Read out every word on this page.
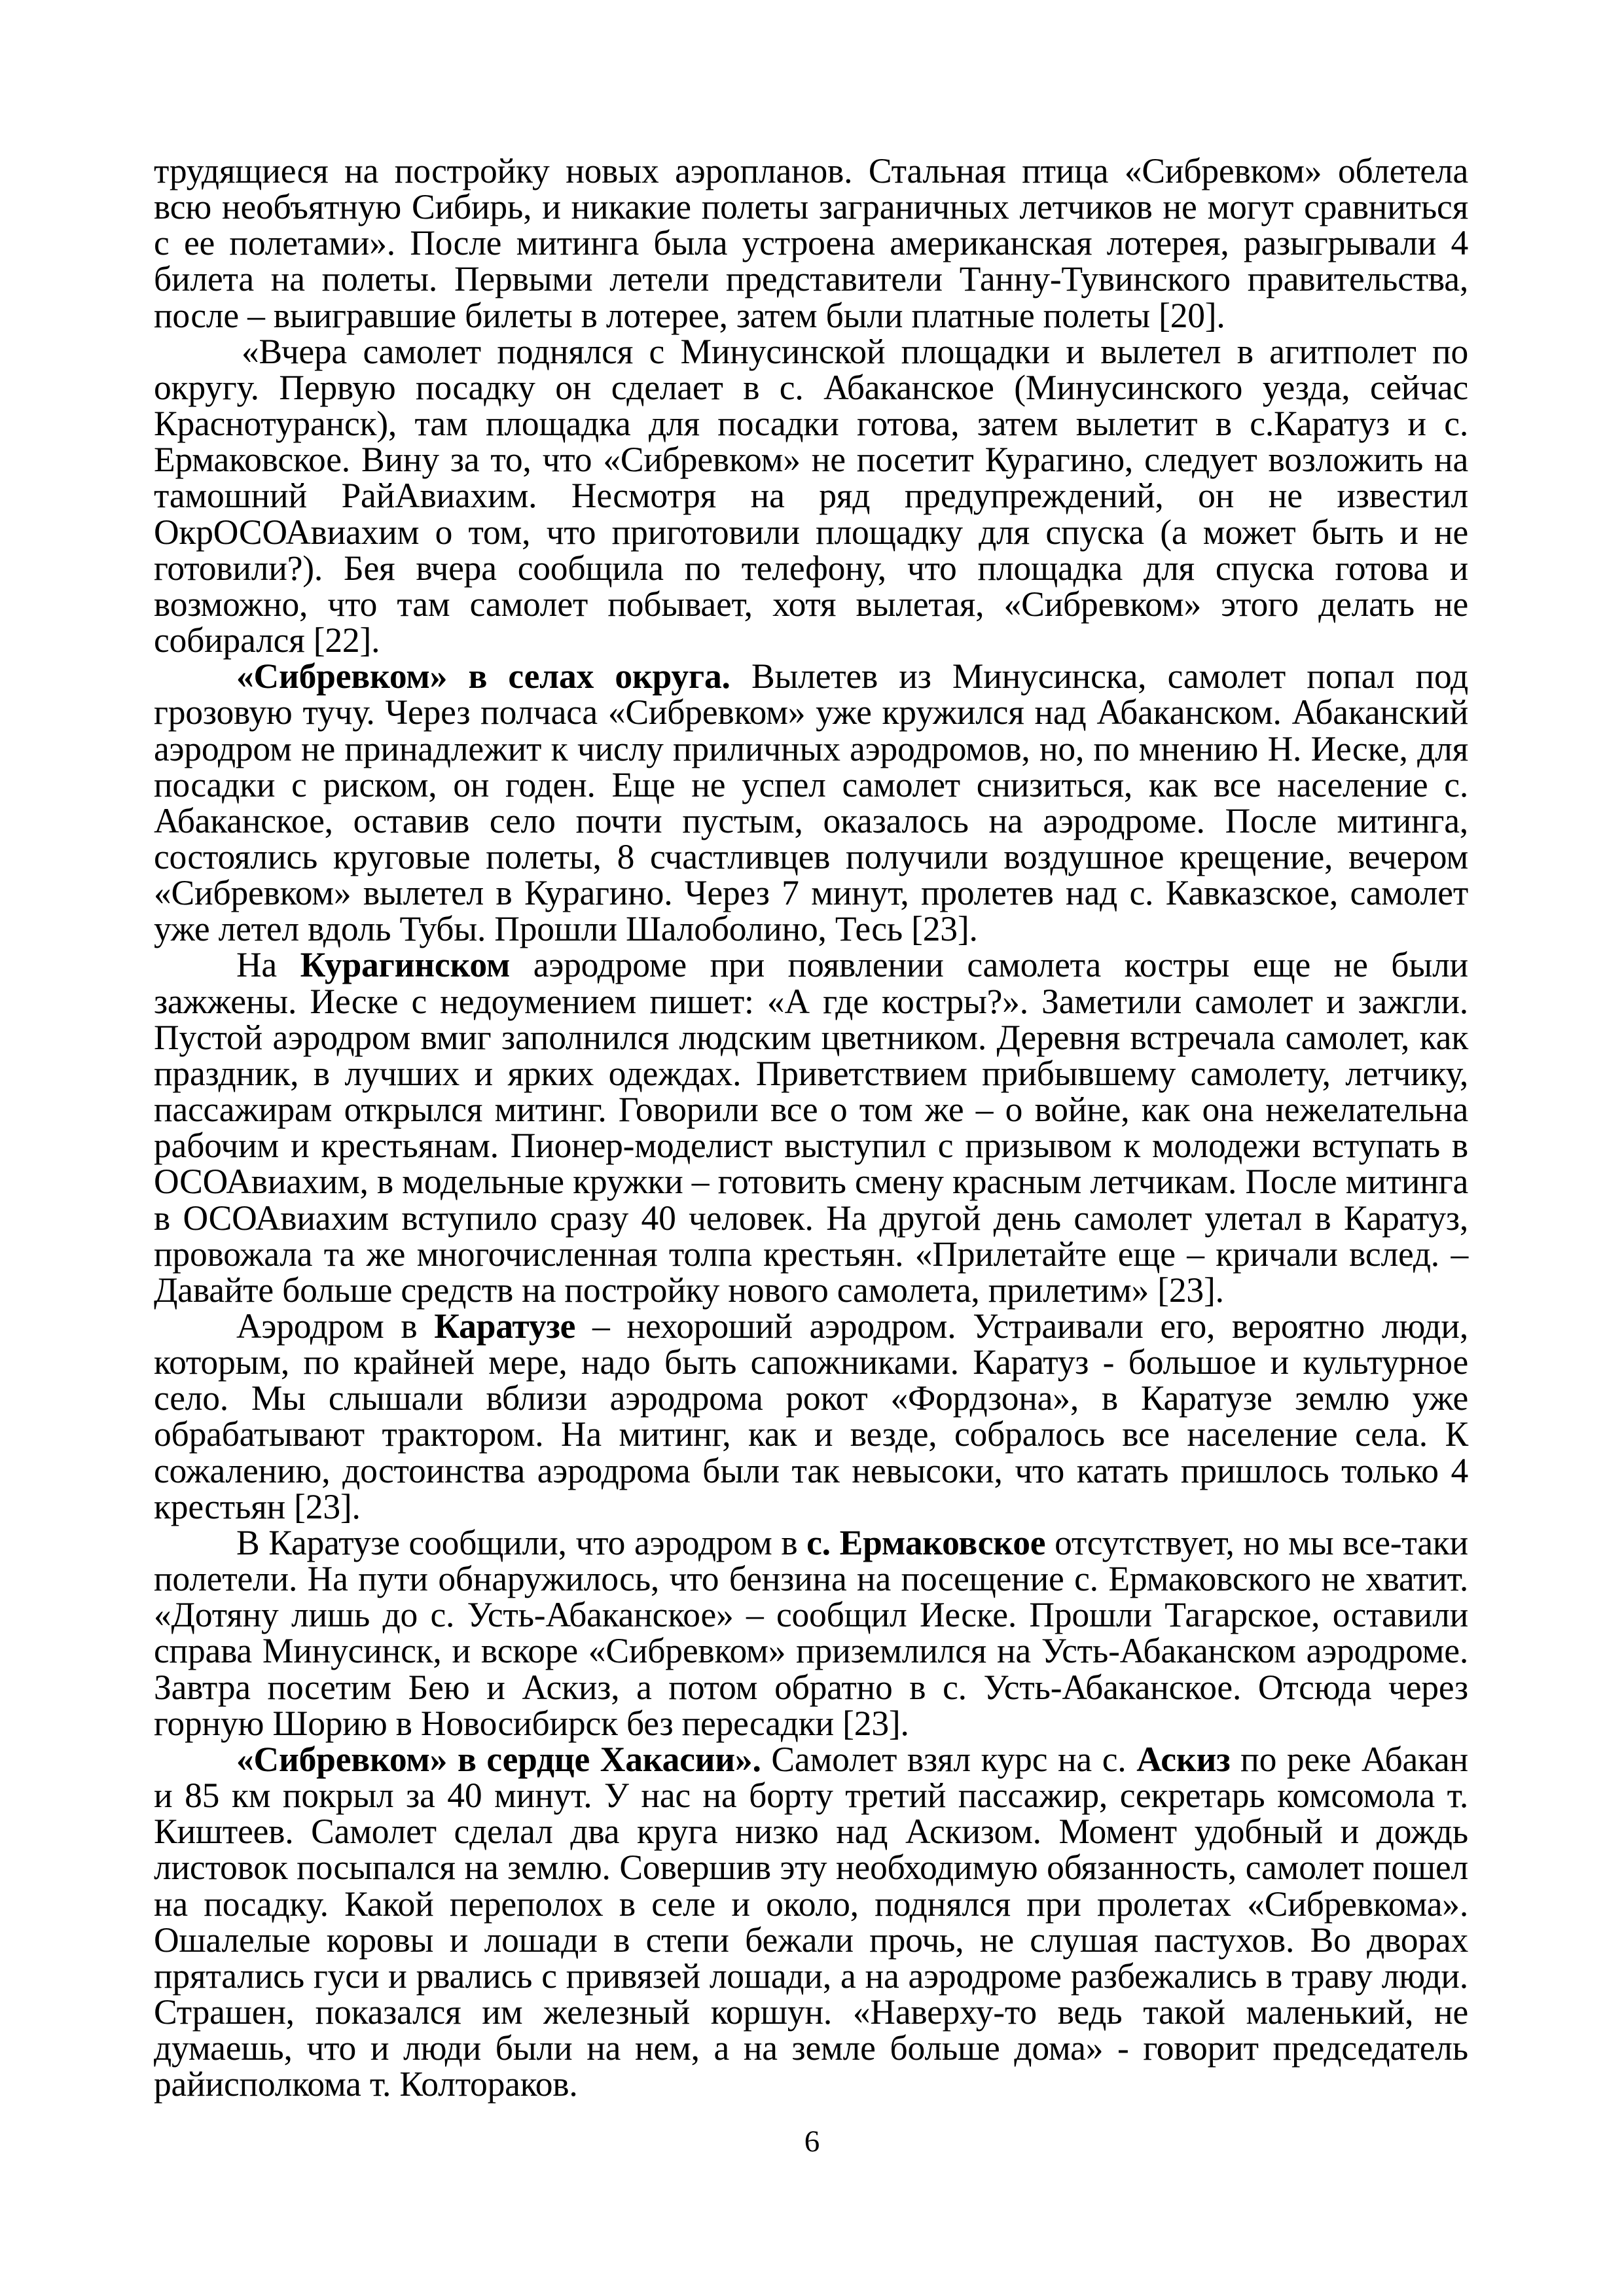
трудящиеся на постройку новых аэропланов. Стальная птица «Сибревком» облетела всю необъятную Сибирь, и никакие полеты заграничных летчиков не могут сравниться с ее полетами». После митинга была устроена американская лотерея, разыгрывали 4 билета на полеты. Первыми летели представители Танну-Тувинского правительства, после – выигравшие билеты в лотерее, затем были платные полеты [20].

«Вчера самолет поднялся с Минусинской площадки и вылетел в агитполет по округу. Первую посадку он сделает в с. Абаканское (Минусинского уезда, сейчас Краснотуранск), там площадка для посадки готова, затем вылетит в с.Каратуз и с. Ермаковское. Вину за то, что «Сибревком» не посетит Курагино, следует возложить на тамошний РайАвиахим. Несмотря на ряд предупреждений, он не известил ОкрОСОАвиахим о том, что приготовили площадку для спуска (а может быть и не готовили?). Бея вчера сообщила по телефону, что площадка для спуска готова и возможно, что там самолет побывает, хотя вылетая, «Сибревком» этого делать не собирался [22].

«Сибревком» в селах округа. Вылетев из Минусинска, самолет попал под грозовую тучу. Через полчаса «Сибревком» уже кружился над Абаканском. Абаканский аэродром не принадлежит к числу приличных аэродромов, но, по мнению Н. Иеске, для посадки с риском, он годен. Еще не успел самолет снизиться, как все население с. Абаканское, оставив село почти пустым, оказалось на аэродроме. После митинга, состоялись круговые полеты, 8 счастливцев получили воздушное крещение, вечером «Сибревком» вылетел в Курагино. Через 7 минут, пролетев над с. Кавказское, самолет уже летел вдоль Тубы. Прошли Шалоболино, Тесь [23].

На Курагинском аэродроме при появлении самолета костры еще не были зажжены. Иеске с недоумением пишет: «А где костры?». Заметили самолет и зажгли. Пустой аэродром вмиг заполнился людским цветником. Деревня встречала самолет, как праздник, в лучших и ярких одеждах. Приветствием прибывшему самолету, летчику, пассажирам открылся митинг. Говорили все о том же – о войне, как она нежелательна рабочим и крестьянам. Пионер-моделист выступил с призывом к молодежи вступать в ОСОАвиахим, в модельные кружки – готовить смену красным летчикам. После митинга в ОСОАвиахим вступило сразу 40 человек. На другой день самолет улетал в Каратуз, провожала та же многочисленная толпа крестьян. «Прилетайте еще – кричали вслед. – Давайте больше средств на постройку нового самолета, прилетим» [23].

Аэродром в Каратузе – нехороший аэродром. Устраивали его, вероятно люди, которым, по крайней мере, надо быть сапожниками. Каратуз - большое и культурное село. Мы слышали вблизи аэродрома рокот «Фордзона», в Каратузе землю уже обрабатывают трактором. На митинг, как и везде, собралось все население села. К сожалению, достоинства аэродрома были так невысоки, что катать пришлось только 4 крестьян [23].

В Каратузе сообщили, что аэродром в с. Ермаковское отсутствует, но мы все-таки полетели. На пути обнаружилось, что бензина на посещение с. Ермаковского не хватит. «Дотяну лишь до с. Усть-Абаканское» – сообщил Иеске. Прошли Тагарское, оставили справа Минусинск, и вскоре «Сибревком» приземлился на Усть-Абаканском аэродроме. Завтра посетим Бею и Аскиз, а потом обратно в с. Усть-Абаканское. Отсюда через горную Шорию в Новосибирск без пересадки [23].

«Сибревком» в сердце Хакасии». Самолет взял курс на с. Аскиз по реке Абакан и 85 км покрыл за 40 минут. У нас на борту третий пассажир, секретарь комсомола т. Киштеев. Самолет сделал два круга низко над Аскизом. Момент удобный и дождь листовок посыпался на землю. Совершив эту необходимую обязанность, самолет пошел на посадку. Какой переполох в селе и около, поднялся при пролетах «Сибревкома». Ошалелые коровы и лошади в степи бежали прочь, не слушая пастухов. Во дворах прятались гуси и рвались с привязей лошади, а на аэродроме разбежались в траву люди. Страшен, показался им железный коршун. «Наверху-то ведь такой маленький, не думаешь, что и люди были на нем, а на земле больше дома» - говорит председатель райисполкома т. Колтораков.

6
